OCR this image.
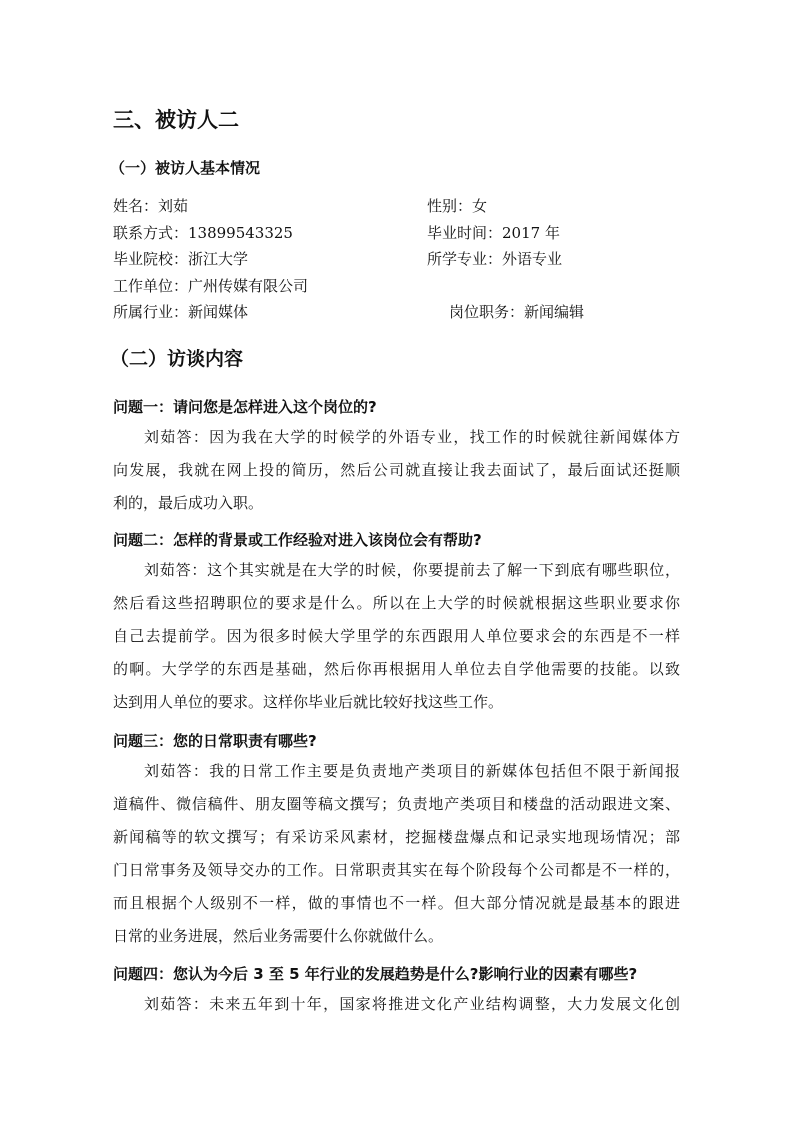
三、被访人二
（一）被访人基本情况
姓名：刘茹	性别：女
联系方式：13899543325	毕业时间：2017 年
毕业院校：浙江大学	所学专业：外语专业
工作单位：广州传媒有限公司
所属行业：新闻媒体	岗位职务：新闻编辑
（二）访谈内容
问题一：请问您是怎样进入这个岗位的?
刘茹答：因为我在大学的时候学的外语专业，找工作的时候就往新闻媒体方
向发展，我就在网上投的简历，然后公司就直接让我去面试了，最后面试还挺顺
利的，最后成功入职。
问题二：怎样的背景或工作经验对进入该岗位会有帮助?
刘茹答：这个其实就是在大学的时候，你要提前去了解一下到底有哪些职位，
然后看这些招聘职位的要求是什么。所以在上大学的时候就根据这些职业要求你
自己去提前学。因为很多时候大学里学的东西跟用人单位要求会的东西是不一样
的啊。大学学的东西是基础，然后你再根据用人单位去自学他需要的技能。以致
达到用人单位的要求。这样你毕业后就比较好找这些工作。
问题三：您的日常职责有哪些?
刘茹答：我的日常工作主要是负责地产类项目的新媒体包括但不限于新闻报
道稿件、微信稿件、朋友圈等稿文撰写；负责地产类项目和楼盘的活动跟进文案、
新闻稿等的软文撰写；有采访采风素材，挖掘楼盘爆点和记录实地现场情况；部
门日常事务及领导交办的工作。日常职责其实在每个阶段每个公司都是不一样的，
而且根据个人级别不一样，做的事情也不一样。但大部分情况就是最基本的跟进
日常的业务进展，然后业务需要什么你就做什么。
问题四：您认为今后 3 至 5 年行业的发展趋势是什么?影响行业的因素有哪些?
刘茹答：未来五年到十年，国家将推进文化产业结构调整，大力发展文化创
